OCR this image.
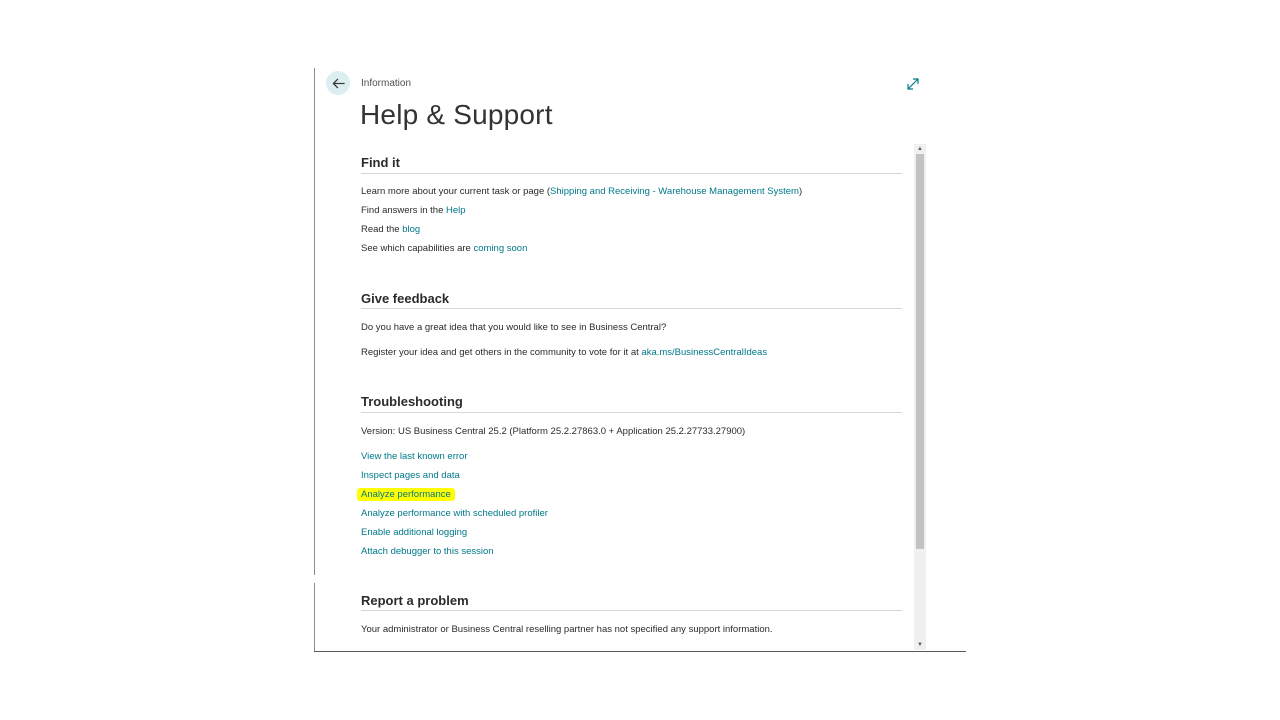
Information
Help & Support
Find it
Learn more about your current task or page (Shipping and Receiving - Warehouse Management System)
Find answers in the Help
Read the blog
See which capabilities are coming soon
Give feedback
Do you have a great idea that you would like to see in Business Central?
Register your idea and get others in the community to vote for it at aka.ms/BusinessCentralIdeas
Troubleshooting
Version: US Business Central 25.2 (Platform 25.2.27863.0 + Application 25.2.27733.27900)
View the last known error
Inspect pages and data
Analyze performance
Analyze performance with scheduled profiler
Enable additional logging
Attach debugger to this session
Report a problem
Your administrator or Business Central reselling partner has not specified any support information.
▲
▼
